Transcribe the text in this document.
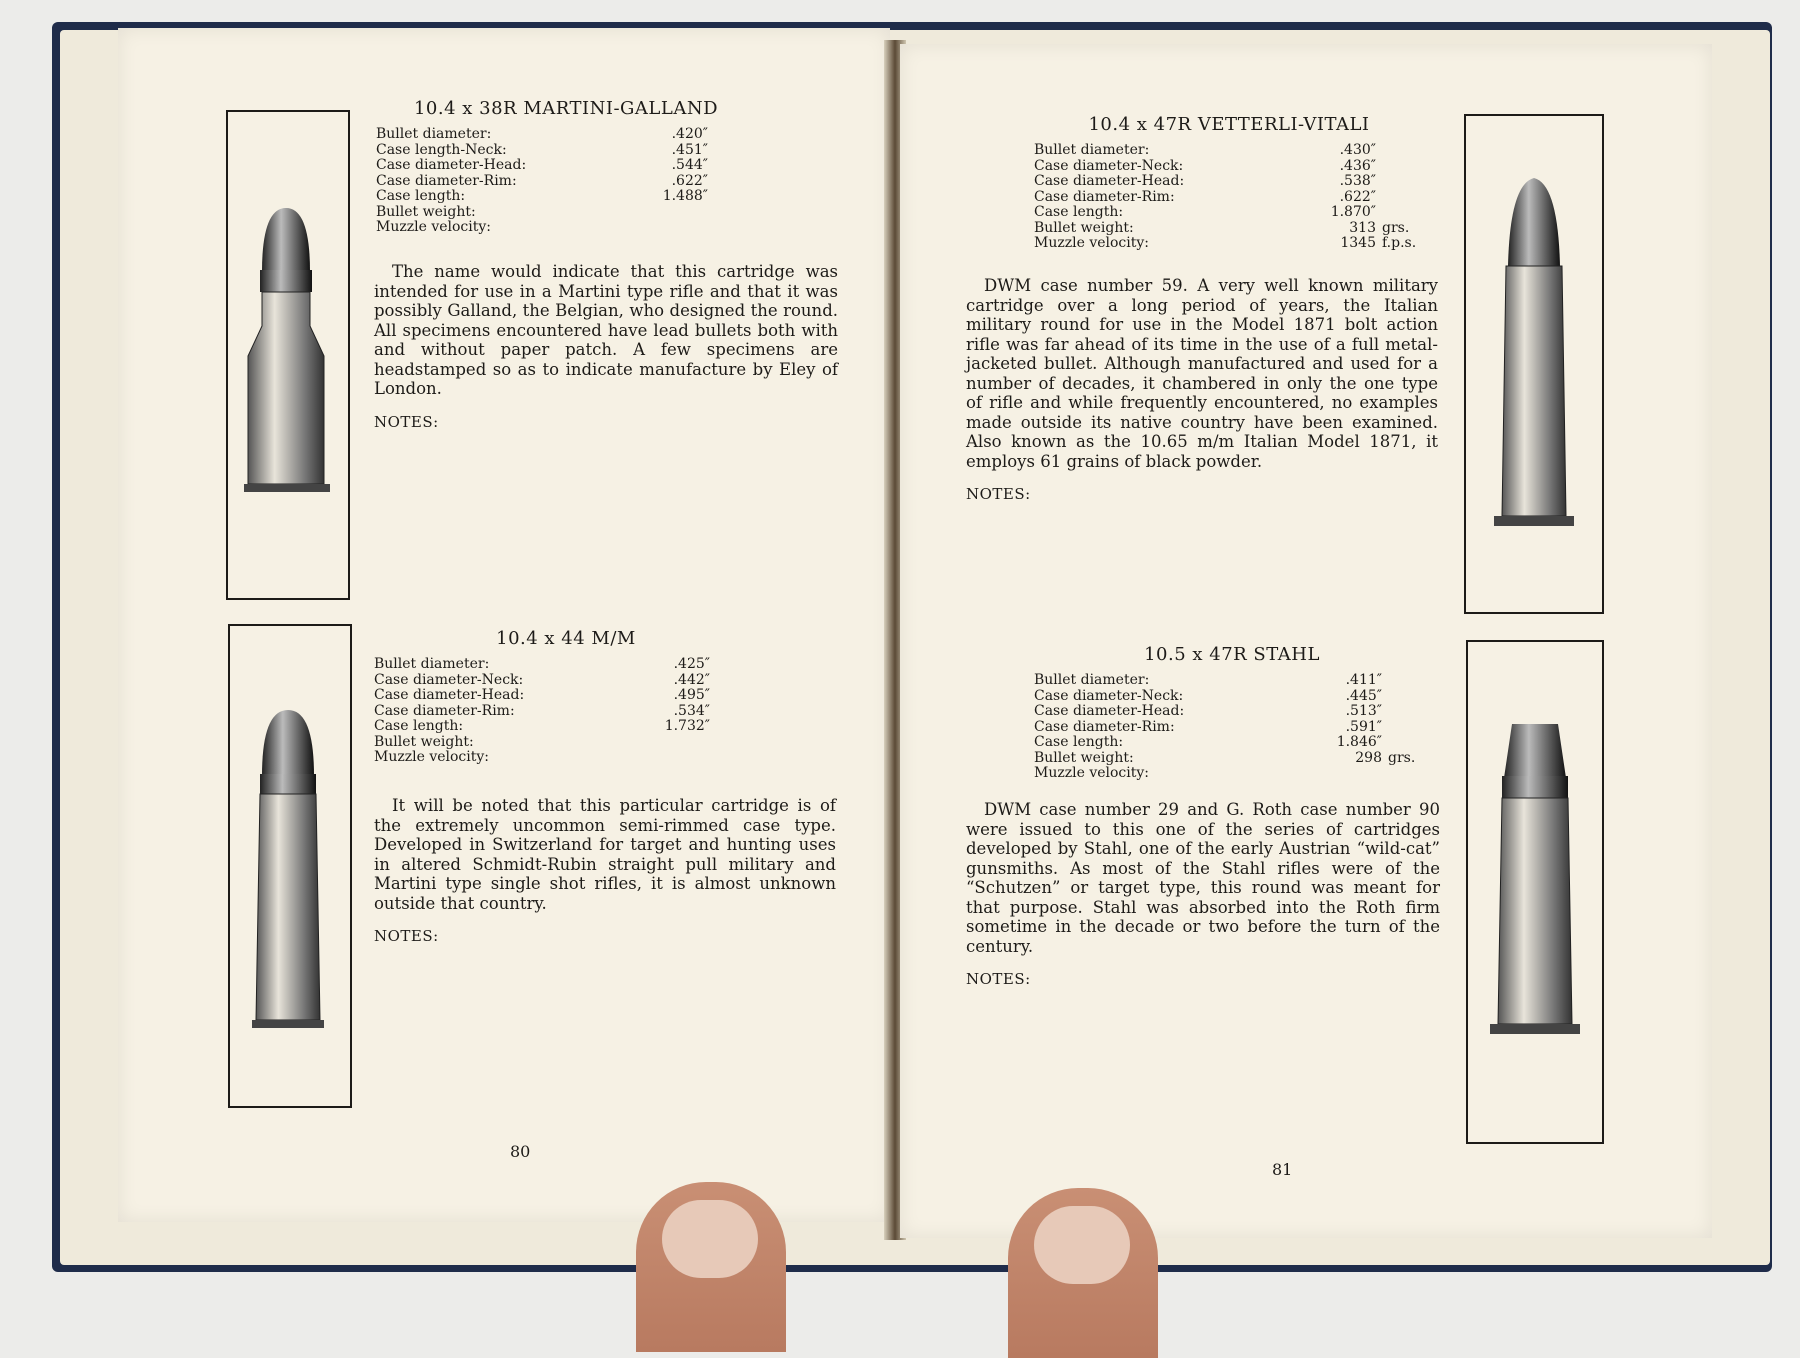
10.4 x 38R MARTINI-GALLAND
Bullet diameter:	.420″
Case length-Neck:	.451″
Case diameter-Head:	.544″
Case diameter-Rim:	.622″
Case length:	1.488″
Bullet weight:
Muzzle velocity:
The name would indicate that this cartridge was intended for use in a Martini type rifle and that it was possibly Galland, the Belgian, who designed the round. All specimens encountered have lead bullets both with and without paper patch. A few specimens are headstamped so as to indicate manufacture by Eley of London.
NOTES:
10.4 x 44 M/M
Bullet diameter:	.425″
Case diameter-Neck:	.442″
Case diameter-Head:	.495″
Case diameter-Rim:	.534″
Case length:	1.732″
Bullet weight:
Muzzle velocity:
It will be noted that this particular cartridge is of the extremely uncommon semi-rimmed case type. Developed in Switzerland for target and hunting uses in altered Schmidt-Rubin straight pull military and Martini type single shot rifles, it is almost unknown outside that country.
NOTES:
80
10.4 x 47R VETTERLI-VITALI
Bullet diameter:	.430″
Case diameter-Neck:	.436″
Case diameter-Head:	.538″
Case diameter-Rim:	.622″
Case length:	1.870″
Bullet weight:	313 grs.
Muzzle velocity:	1345 f.p.s.
DWM case number 59. A very well known military cartridge over a long period of years, the Italian military round for use in the Model 1871 bolt action rifle was far ahead of its time in the use of a full metal-jacketed bullet. Although manufactured and used for a number of decades, it chambered in only the one type of rifle and while frequently encountered, no examples made outside its native country have been examined. Also known as the 10.65 m/m Italian Model 1871, it employs 61 grains of black powder.
NOTES:
10.5 x 47R STAHL
Bullet diameter:	.411″
Case diameter-Neck:	.445″
Case diameter-Head:	.513″
Case diameter-Rim:	.591″
Case length:	1.846″
Bullet weight:	298 grs.
Muzzle velocity:
DWM case number 29 and G. Roth case number 90 were issued to this one of the series of cartridges developed by Stahl, one of the early Austrian “wild-cat” gunsmiths. As most of the Stahl rifles were of the “Schutzen” or target type, this round was meant for that purpose. Stahl was absorbed into the Roth firm sometime in the decade or two before the turn of the century.
NOTES:
81
